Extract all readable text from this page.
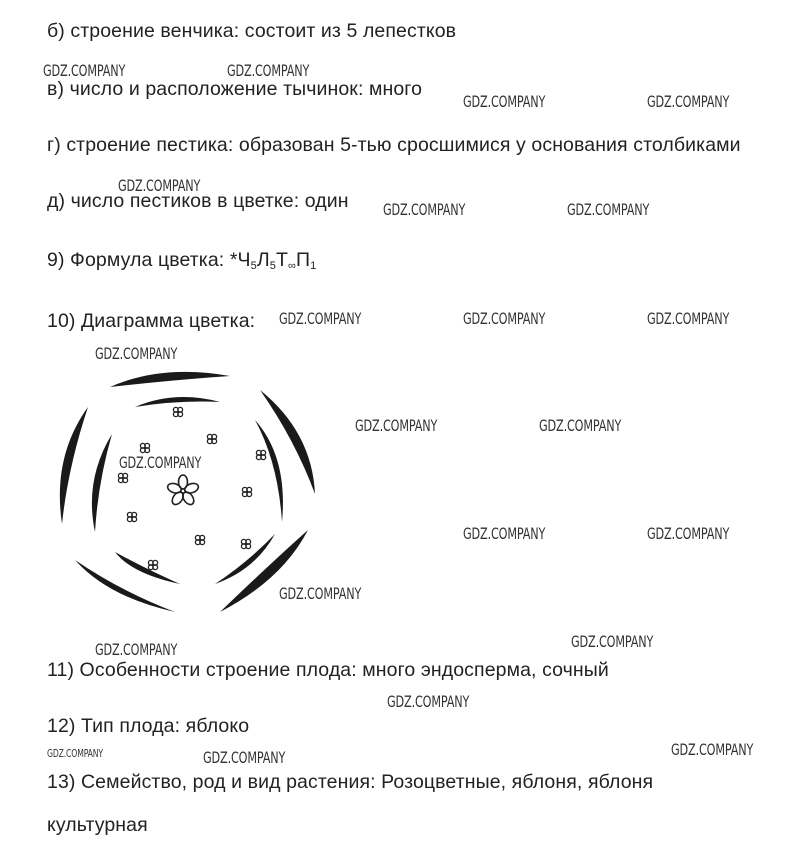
б) строение венчика: состоит из 5 лепестков
в) число и расположение тычинок: много
г) строение пестика: образован 5-тью сросшимися у основания столбиками
д) число пестиков в цветке: один
9) Формула цветка: $*Ч_5Л_5Т_\infty П_1$
10) Диаграмма цветка:
11) Особенности строение плода: много эндосперма, сочный
12) Тип плода: яблоко
13) Семейство, род и вид растения: Розоцветные, яблоня, яблоня
культурная
GDZ.COMPANY	GDZ.COMPANY
GDZ.COMPANY	GDZ.COMPANY
GDZ.COMPANY
GDZ.COMPANY	GDZ.COMPANY
GDZ.COMPANY	GDZ.COMPANY	GDZ.COMPANY
GDZ.COMPANY
GDZ.COMPANY	GDZ.COMPANY
GDZ.COMPANY
GDZ.COMPANY	GDZ.COMPANY
GDZ.COMPANY
GDZ.COMPANY
GDZ.COMPANY
GDZ.COMPANY
GDZ.COMPANY
GDZ.COMPANY	GDZ.COMPANY
